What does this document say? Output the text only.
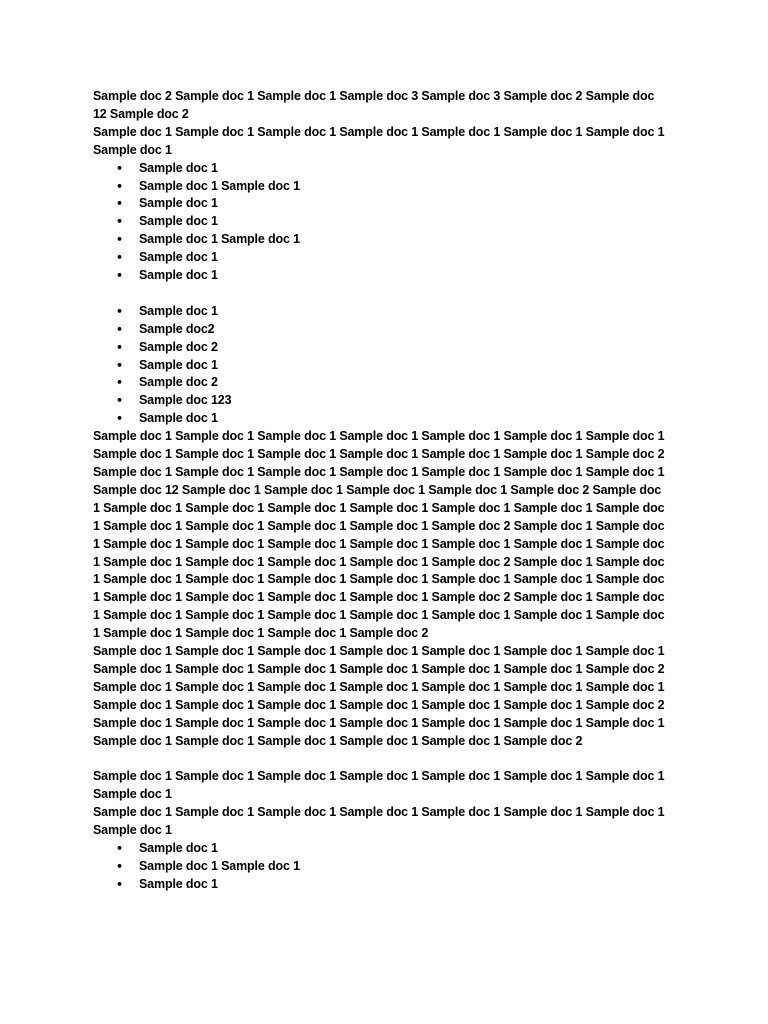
Sample doc 2 Sample doc 1 Sample doc 1 Sample doc 3 Sample doc 3 Sample doc 2 Sample doc 12 Sample doc 2

Sample doc 1 Sample doc 1 Sample doc 1 Sample doc 1 Sample doc 1 Sample doc 1 Sample doc 1 Sample doc 1

• Sample doc 1
• Sample doc 1 Sample doc 1
• Sample doc 1
• Sample doc 1
• Sample doc 1 Sample doc 1
• Sample doc 1
• Sample doc 1
• Sample doc 1
• Sample doc2
• Sample doc 2
• Sample doc 1
• Sample doc 2
• Sample doc 123
• Sample doc 1

Sample doc 1 Sample doc 1 Sample doc 1 Sample doc 1 Sample doc 1 Sample doc 1 Sample doc 1 Sample doc 1 Sample doc 1 Sample doc 1 Sample doc 1 Sample doc 1 Sample doc 1 Sample doc 2 Sample doc 1 Sample doc 1 Sample doc 1 Sample doc 1 Sample doc 1 Sample doc 1 Sample doc 1 Sample doc 12 Sample doc 1 Sample doc 1 Sample doc 1 Sample doc 1 Sample doc 2 Sample doc 1 Sample doc 1 Sample doc 1 Sample doc 1 Sample doc 1 Sample doc 1 Sample doc 1 Sample doc 1 Sample doc 1 Sample doc 1 Sample doc 1 Sample doc 1 Sample doc 2 Sample doc 1 Sample doc 1 Sample doc 1 Sample doc 1 Sample doc 1 Sample doc 1 Sample doc 1 Sample doc 1 Sample doc 1 Sample doc 1 Sample doc 1 Sample doc 1 Sample doc 1 Sample doc 2 Sample doc 1 Sample doc 1 Sample doc 1 Sample doc 1 Sample doc 1 Sample doc 1 Sample doc 1 Sample doc 1 Sample doc 1 Sample doc 1 Sample doc 1 Sample doc 1 Sample doc 1 Sample doc 2 Sample doc 1 Sample doc 1 Sample doc 1 Sample doc 1 Sample doc 1 Sample doc 1 Sample doc 1 Sample doc 1 Sample doc 1 Sample doc 1 Sample doc 1 Sample doc 1 Sample doc 2

Sample doc 1 Sample doc 1 Sample doc 1 Sample doc 1 Sample doc 1 Sample doc 1 Sample doc 1 Sample doc 1 Sample doc 1 Sample doc 1 Sample doc 1 Sample doc 1 Sample doc 1 Sample doc 2 Sample doc 1 Sample doc 1 Sample doc 1 Sample doc 1 Sample doc 1 Sample doc 1 Sample doc 1 Sample doc 1 Sample doc 1 Sample doc 1 Sample doc 1 Sample doc 1 Sample doc 1 Sample doc 2 Sample doc 1 Sample doc 1 Sample doc 1 Sample doc 1 Sample doc 1 Sample doc 1 Sample doc 1 Sample doc 1 Sample doc 1 Sample doc 1 Sample doc 1 Sample doc 1 Sample doc 2

Sample doc 1 Sample doc 1 Sample doc 1 Sample doc 1 Sample doc 1 Sample doc 1 Sample doc 1 Sample doc 1

Sample doc 1 Sample doc 1 Sample doc 1 Sample doc 1 Sample doc 1 Sample doc 1 Sample doc 1 Sample doc 1

• Sample doc 1
• Sample doc 1 Sample doc 1
• Sample doc 1
